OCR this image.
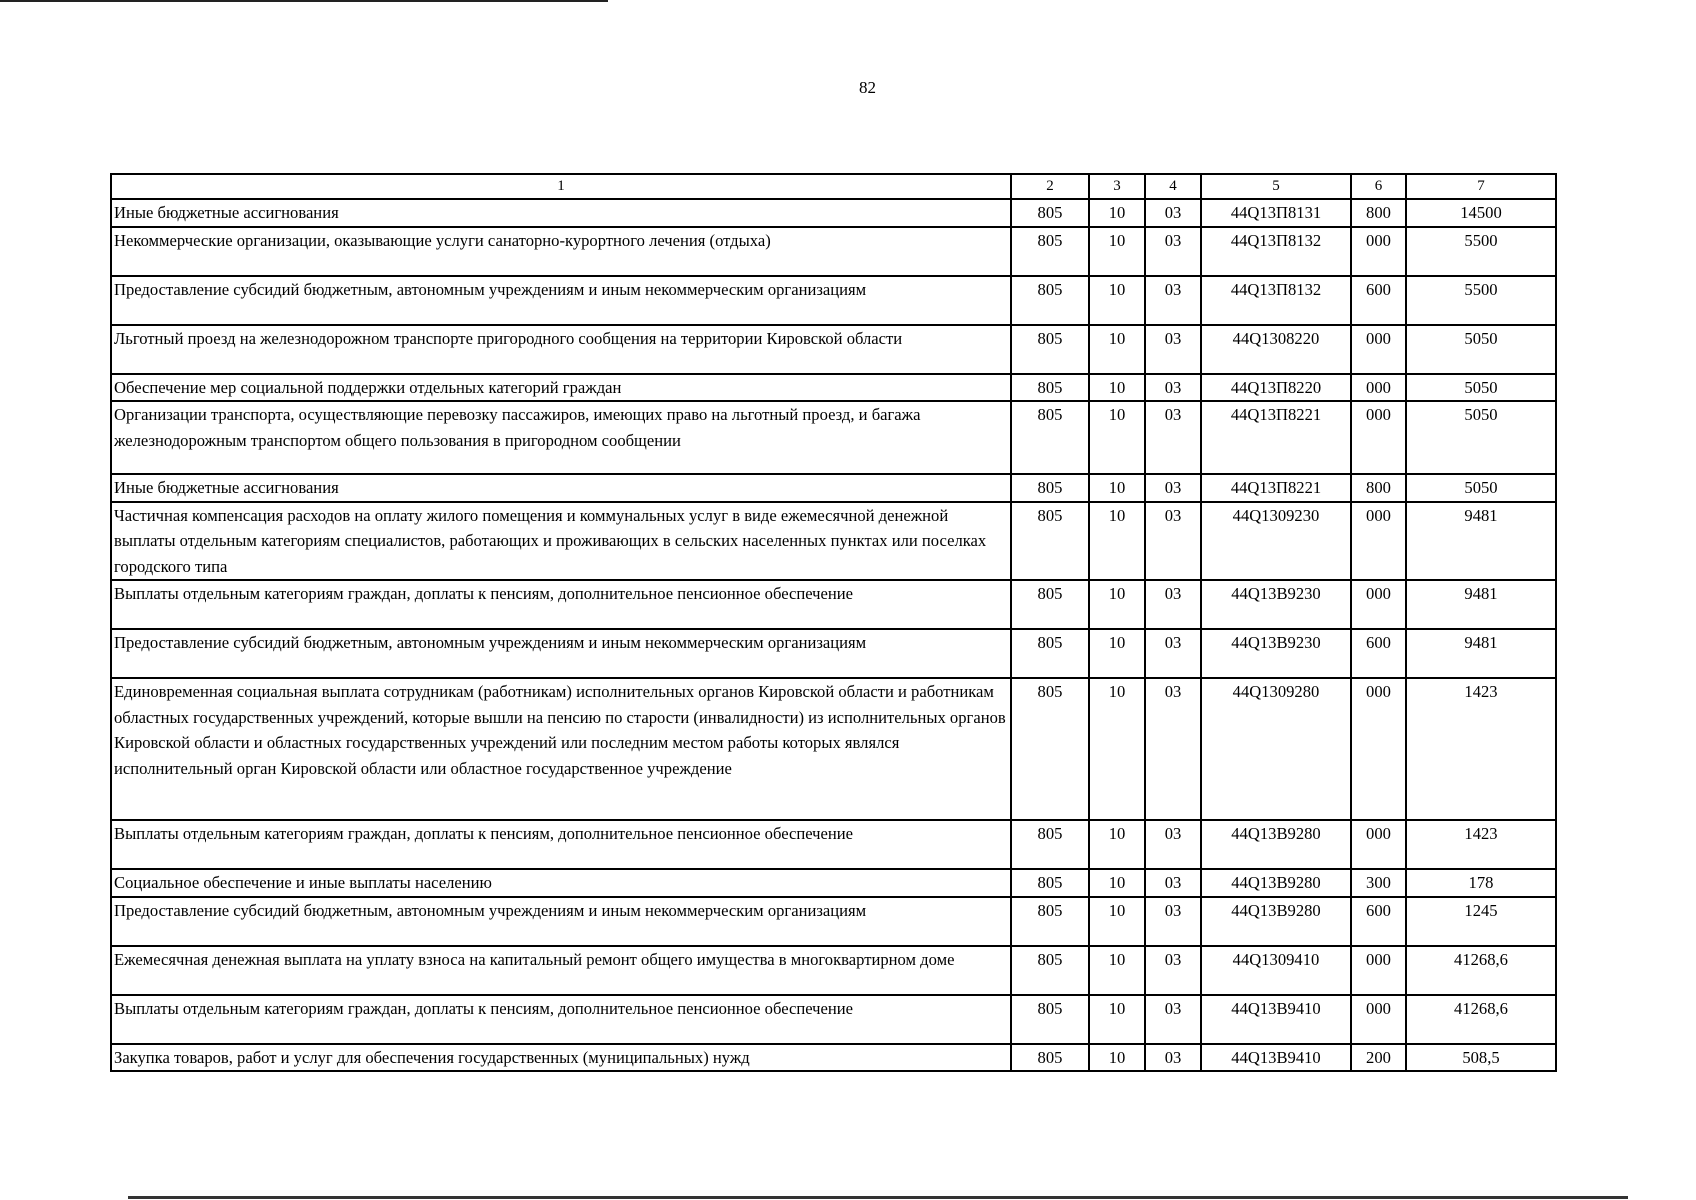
82
1	2	3	4	5	6	7
Иные бюджетные ассигнования	805	10	03	44Q13П8131	800	14500
Некоммерческие организации, оказывающие услуги санаторно-курортного лечения (отдыха)	805	10	03	44Q13П8132	000	5500
Предоставление субсидий бюджетным, автономным учреждениям и иным некоммерческим организациям	805	10	03	44Q13П8132	600	5500
Льготный проезд на железнодорожном транспорте пригородного сообщения на территории Кировской области	805	10	03	44Q1308220	000	5050
Обеспечение мер социальной поддержки отдельных категорий граждан	805	10	03	44Q13П8220	000	5050
Организации транспорта, осуществляющие перевозку пассажиров, имеющих право на льготный проезд, и багажа железнодорожным транспортом общего пользования в пригородном сообщении	805	10	03	44Q13П8221	000	5050
Иные бюджетные ассигнования	805	10	03	44Q13П8221	800	5050
Частичная компенсация расходов на оплату жилого помещения и коммунальных услуг в виде ежемесячной денежной выплаты отдельным категориям специалистов, работающих и проживающих в сельских населенных пунктах или поселках городского типа	805	10	03	44Q1309230	000	9481
Выплаты отдельным категориям граждан, доплаты к пенсиям, дополнительное пенсионное обеспечение	805	10	03	44Q13В9230	000	9481
Предоставление субсидий бюджетным, автономным учреждениям и иным некоммерческим организациям	805	10	03	44Q13В9230	600	9481
Единовременная социальная выплата сотрудникам (работникам) исполнительных органов Кировской области и работникам областных государственных учреждений, которые вышли на пенсию по старости (инвалидности) из исполнительных органов Кировской области и областных государственных учреждений или последним местом работы которых являлся исполнительный орган Кировской области или областное государственное учреждение	805	10	03	44Q1309280	000	1423
Выплаты отдельным категориям граждан, доплаты к пенсиям, дополнительное пенсионное обеспечение	805	10	03	44Q13В9280	000	1423
Социальное обеспечение и иные выплаты населению	805	10	03	44Q13В9280	300	178
Предоставление субсидий бюджетным, автономным учреждениям и иным некоммерческим организациям	805	10	03	44Q13В9280	600	1245
Ежемесячная денежная выплата на уплату взноса на капитальный ремонт общего имущества в многоквартирном доме	805	10	03	44Q1309410	000	41268,6
Выплаты отдельным категориям граждан, доплаты к пенсиям, дополнительное пенсионное обеспечение	805	10	03	44Q13В9410	000	41268,6
Закупка товаров, работ и услуг для обеспечения государственных (муниципальных) нужд	805	10	03	44Q13В9410	200	508,5
